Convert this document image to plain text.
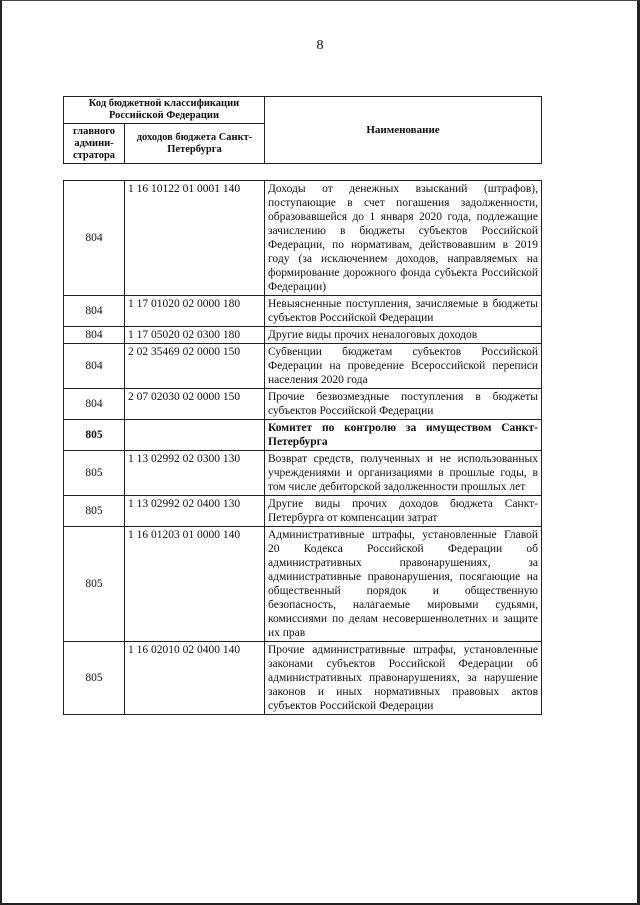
8
Код бюджетной классификации Российской Федерации		Наименование
главного админи-стратора	доходов бюджета Санкт-Петербурга	
804	1 16 10122 01 0001 140	Доходы от денежных взысканий (штрафов), поступающие в счет погашения задолженности, образовавшейся до 1 января 2020 года, подлежащие зачислению в бюджеты субъектов Российской Федерации, по нормативам, действовавшим в 2019 году (за исключением доходов, направляемых на формирование дорожного фонда субъекта Российской Федерации)
804	1 17 01020 02 0000 180	Невыясненные поступления, зачисляемые в бюджеты субъектов Российской Федерации
804	1 17 05020 02 0300 180	Другие виды прочих неналоговых доходов
804	2 02 35469 02 0000 150	Субвенции бюджетам субъектов Российской Федерации на проведение Всероссийской переписи населения 2020 года
804	2 07 02030 02 0000 150	Прочие безвозмездные поступления в бюджеты субъектов Российской Федерации
805		Комитет по контролю за имуществом Санкт-Петербурга
805	1 13 02992 02 0300 130	Возврат средств, полученных и не использованных учреждениями и организациями в прошлые годы, в том числе дебиторской задолженности прошлых лет
805	1 13 02992 02 0400 130	Другие виды прочих доходов бюджета Санкт-Петербурга от компенсации затрат
805	1 16 01203 01 0000 140	Административные штрафы, установленные Главой 20 Кодекса Российской Федерации об административных правонарушениях, за административные правонарушения, посягающие на общественный порядок и общественную безопасность, налагаемые мировыми судьями, комиссиями по делам несовершеннолетних и защите их прав
805	1 16 02010 02 0400 140	Прочие административные штрафы, установленные законами субъектов Российской Федерации об административных правонарушениях, за нарушение законов и иных нормативных правовых актов субъектов Российской Федерации
